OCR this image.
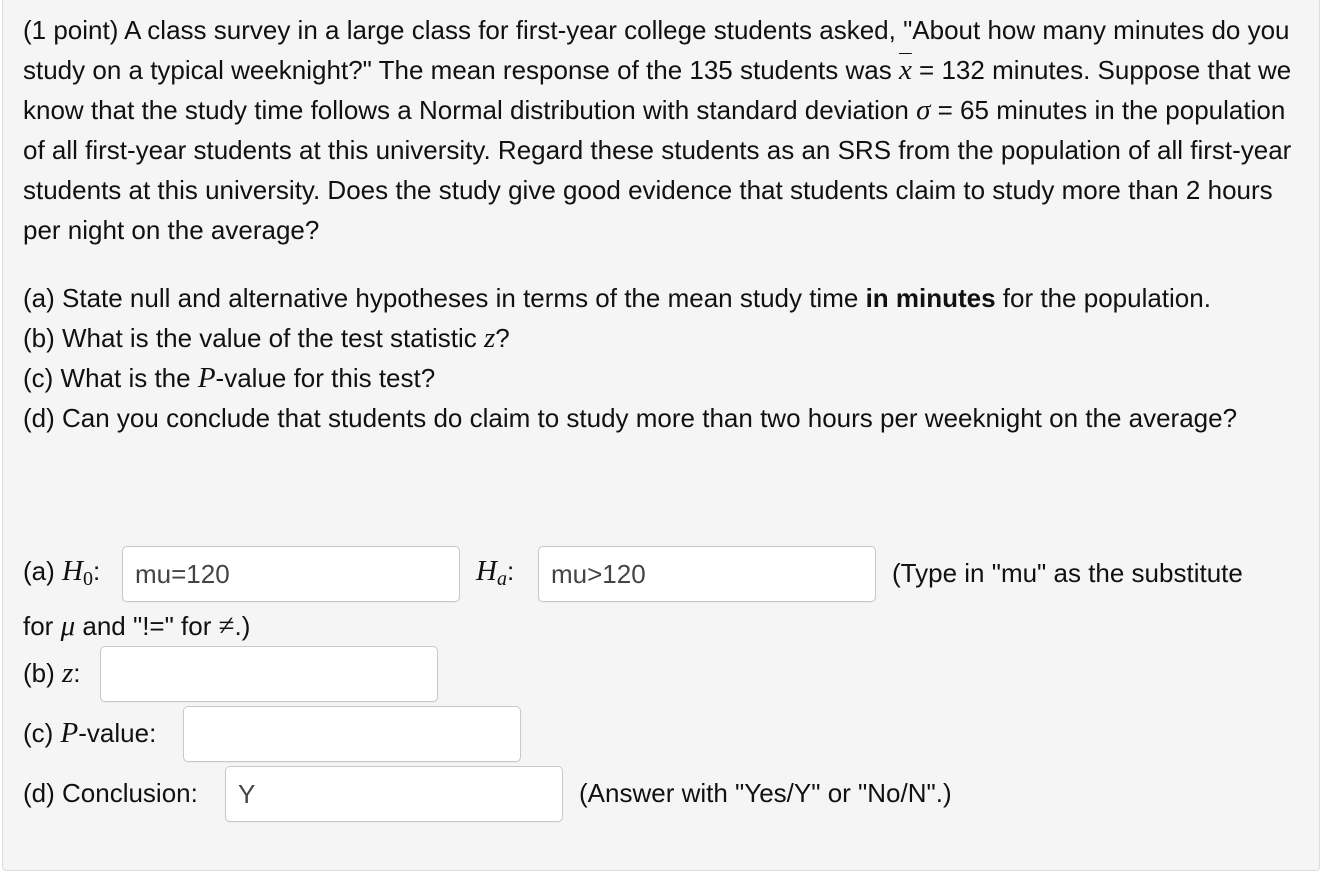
(1 point) A class survey in a large class for first-year college students asked, "About how many minutes do you study on a typical weeknight?" The mean response of the 135 students was $\overline{x} = 132$ minutes. Suppose that we know that the study time follows a Normal distribution with standard deviation σ = 65 minutes in the population of all first-year students at this university. Regard these students as an SRS from the population of all first-year students at this university. Does the study give good evidence that students claim to study more than 2 hours per night on the average?

(a) State null and alternative hypotheses in terms of the mean study time in minutes for the population.
(b) What is the value of the test statistic z?
(c) What is the P-value for this test?
(d) Can you conclude that students do claim to study more than two hours per weeknight on the average?

(a) H0:
mu=120	$H_a$:
mu>120	(Type in "mu" as the substitute
for μ and "!=" for ≠.)
(b) z:
(c) P-value:
(d) Conclusion:
Y	(Answer with "Yes/Y" or "No/N".)
